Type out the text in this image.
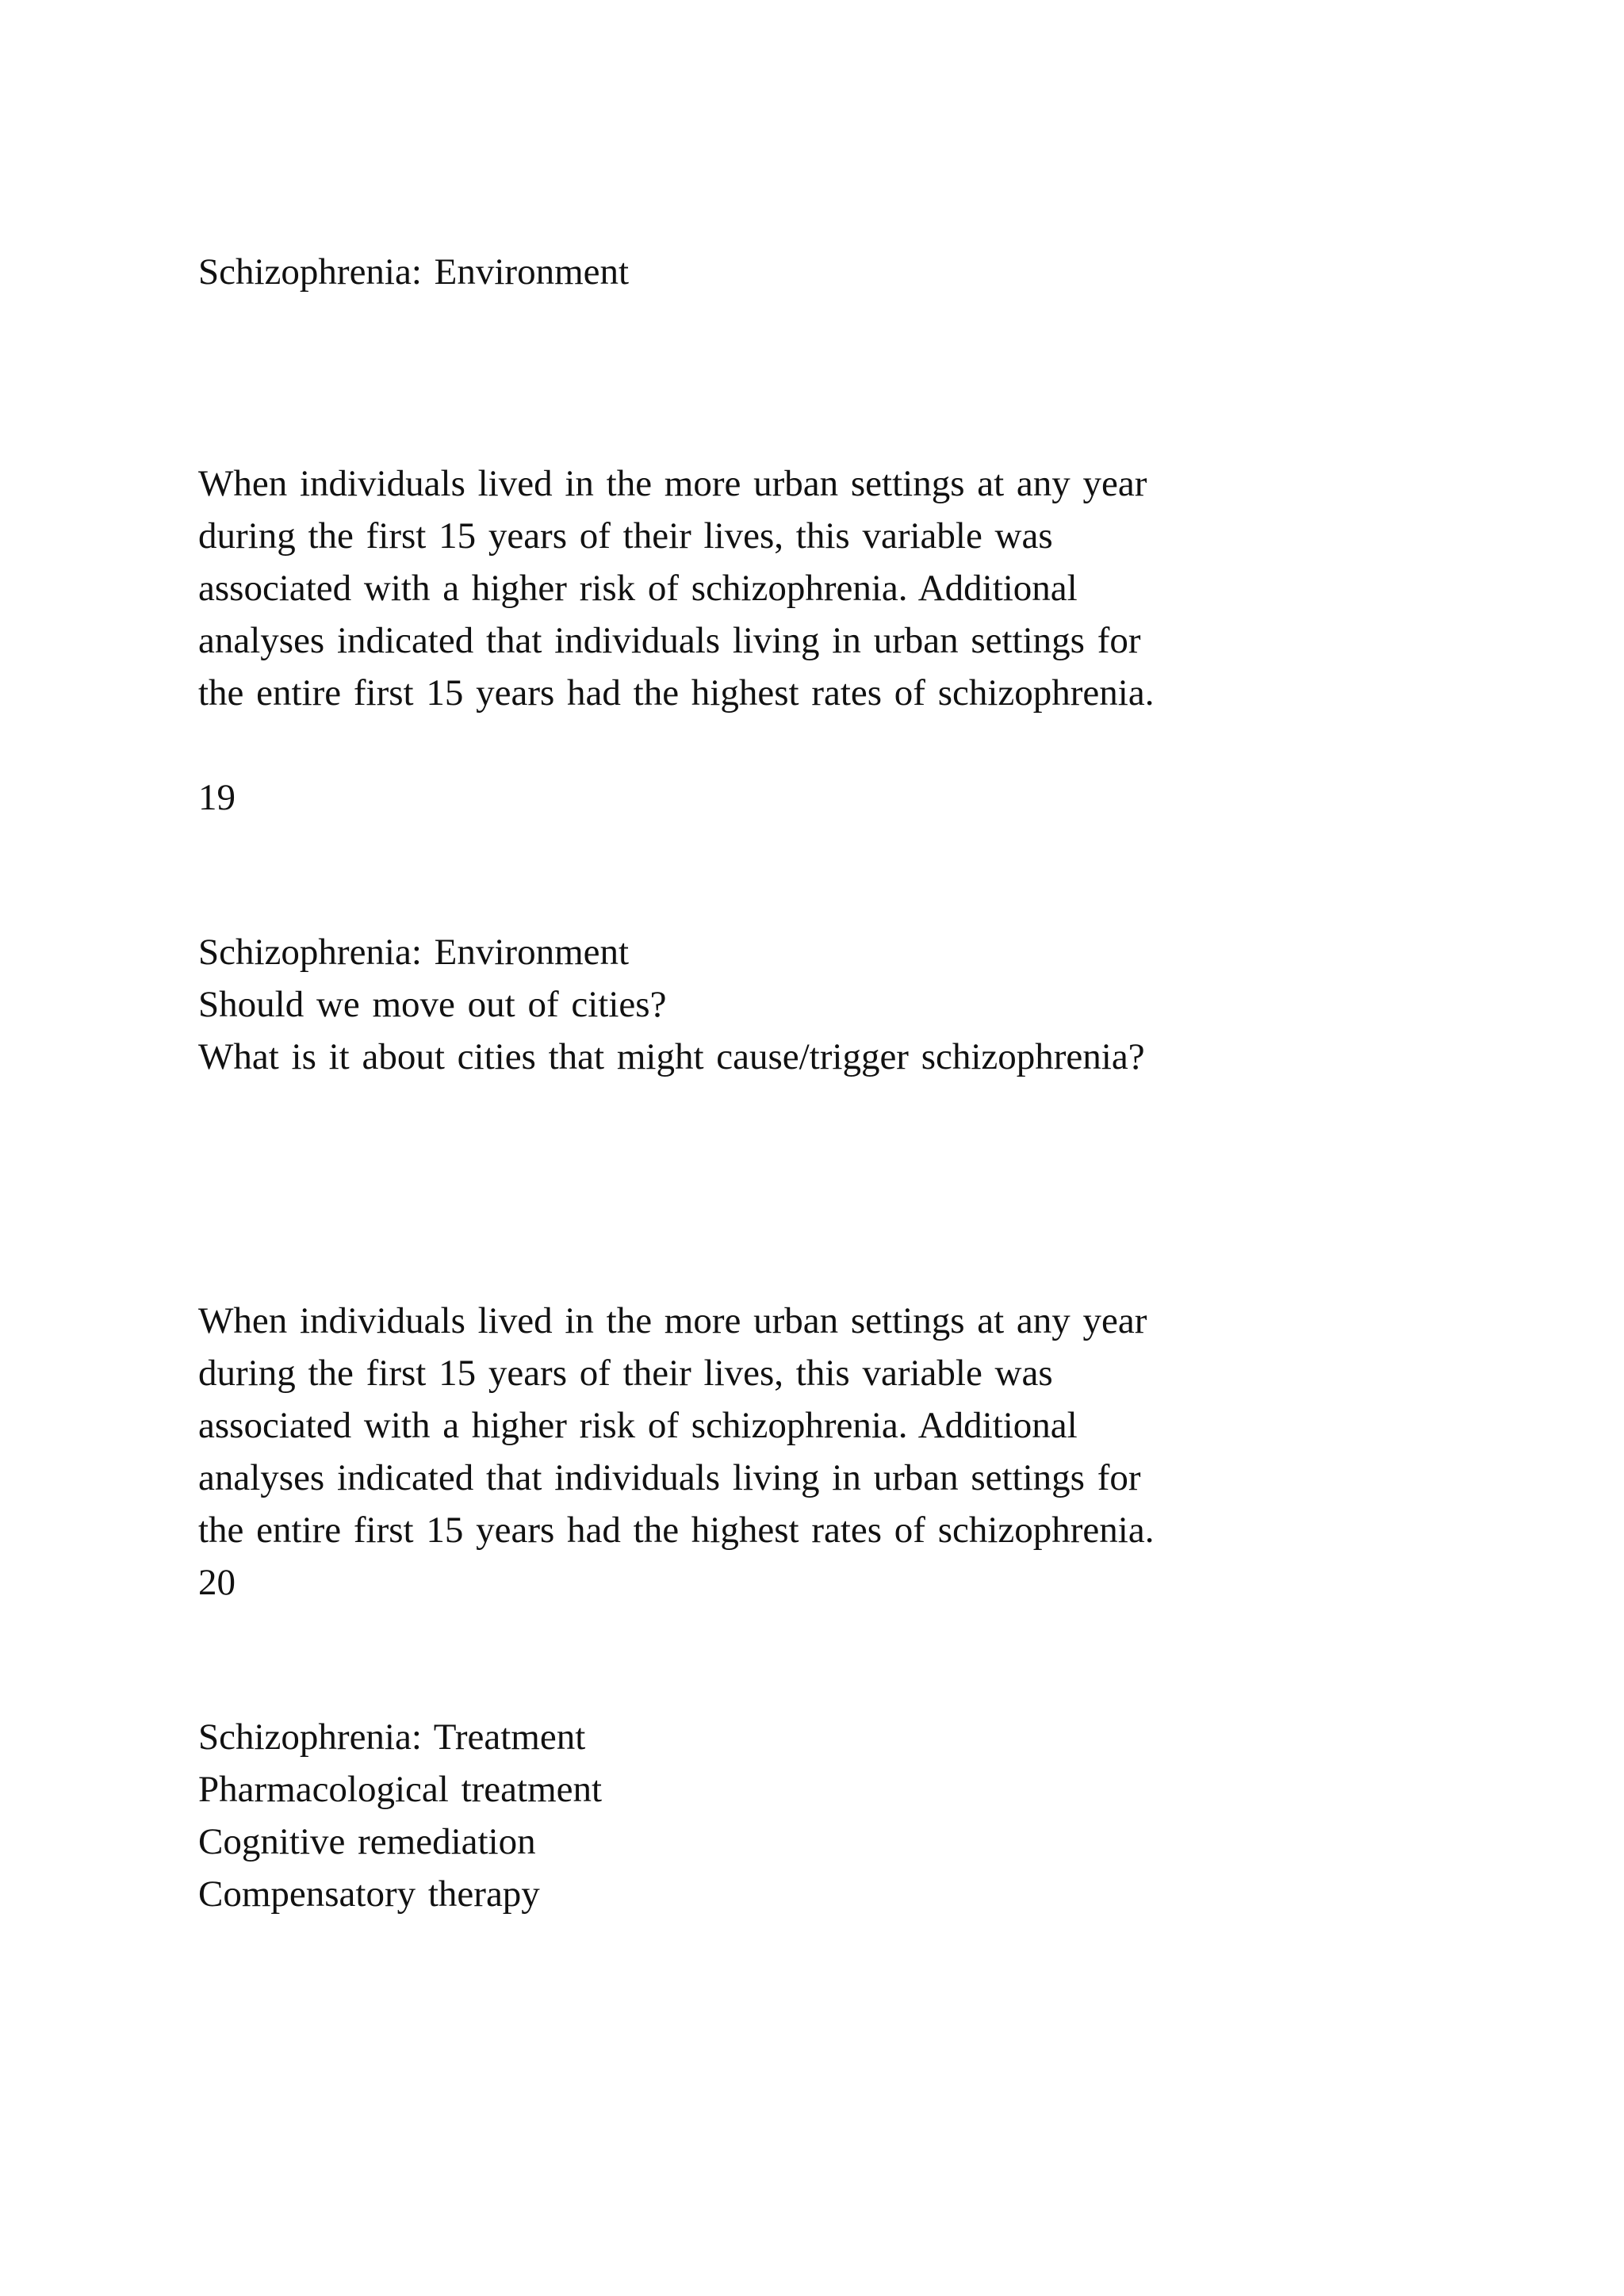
Schizophrenia: Environment

When individuals lived in the more urban settings at any year

during the first 15 years of their lives, this variable was

associated with a higher risk of schizophrenia. Additional

analyses indicated that individuals living in urban settings for

the entire first 15 years had the highest rates of schizophrenia.

19

Schizophrenia: Environment

Should we move out of cities?

What is it about cities that might cause/trigger schizophrenia?

When individuals lived in the more urban settings at any year

during the first 15 years of their lives, this variable was

associated with a higher risk of schizophrenia. Additional

analyses indicated that individuals living in urban settings for

the entire first 15 years had the highest rates of schizophrenia.

20

Schizophrenia: Treatment

Pharmacological treatment

Cognitive remediation

Compensatory therapy
